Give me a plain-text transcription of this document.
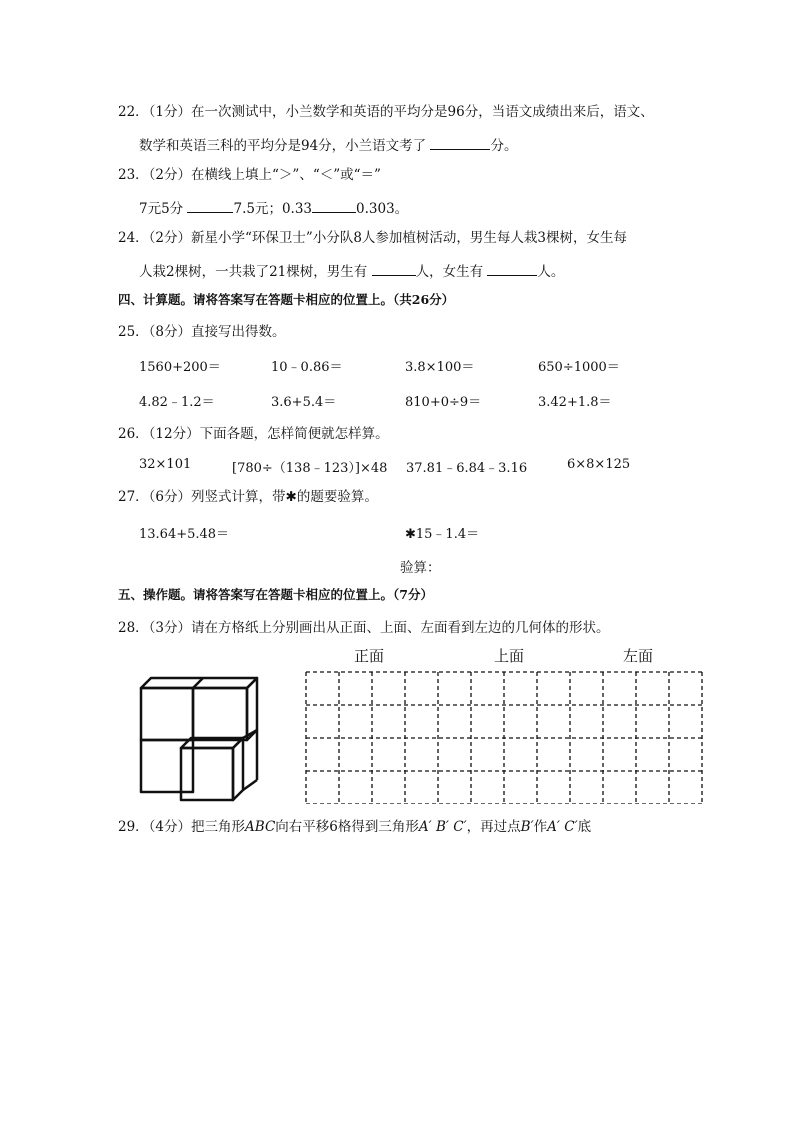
22．（1分）在一次测试中，小兰数学和英语的平均分是96分，当语文成绩出来后，语文、
数学和英语三科的平均分是94分，小兰语文考了	分。
23．（2分）在横线上填上“＞”、“＜”或“＝”
7元5分	7.5元；0.33	0.303。
24．（2分）新星小学“环保卫士”小分队8人参加植树活动，男生每人栽3棵树，女生每
人栽2棵树，一共栽了21棵树，男生有	人，女生有	人。
四、计算题。请将答案写在答题卡相应的位置上。（共26分）
25．（8分）直接写出得数。
1560+200＝	10﹣0.86＝	3.8×100＝	650÷1000＝
4.82﹣1.2＝	3.6+5.4＝	810+0÷9＝	3.42+1.8＝
26．（12分）下面各题，怎样简便就怎样算。
32×101	[780÷（138﹣123）]×48 37.81﹣6.84﹣3.16	6×8×125
27．（6分）列竖式计算，带✱的题要验算。
13.64+5.48＝	✱15﹣1.4＝
验算：
五、操作题。请将答案写在答题卡相应的位置上。（7分）
28．（3分）请在方格纸上分别画出从正面、上面、左面看到左边的几何体的形状。
正面	上面	左面
29．（4分）把三角形ABC向右平移6格得到三角形A′ B′ C′，再过点B′作A′ C′底
